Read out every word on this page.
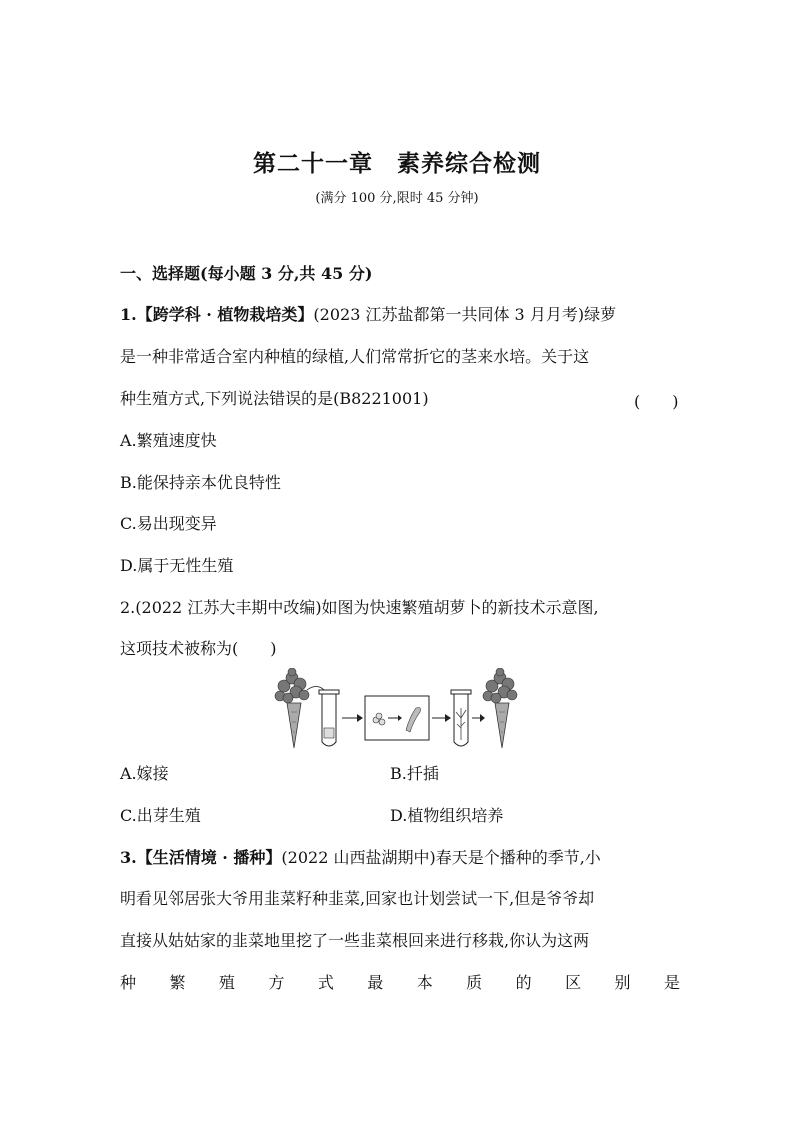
第二十一章　素养综合检测
(满分 100 分,限时 45 分钟)
一、选择题(每小题 3 分,共 45 分)
1.【跨学科 · 植物栽培类】(2023 江苏盐都第一共同体 3 月月考)绿萝
是一种非常适合室内种植的绿植,人们常常折它的茎来水培。关于这
种生殖方式,下列说法错误的是(B8221001)	(　　)
A.繁殖速度快
B.能保持亲本优良特性
C.易出现变异
D.属于无性生殖
2.(2022 江苏大丰期中改编)如图为快速繁殖胡萝卜的新技术示意图,
这项技术被称为(　　)
A.嫁接	B.扦插
C.出芽生殖	D.植物组织培养
3.【生活情境 · 播种】(2022 山西盐湖期中)春天是个播种的季节,小
明看见邻居张大爷用韭菜籽种韭菜,回家也计划尝试一下,但是爷爷却
直接从姑姑家的韭菜地里挖了一些韭菜根回来进行移栽,你认为这两
种 繁 殖 方 式 最 本 质 的 区 别 是
